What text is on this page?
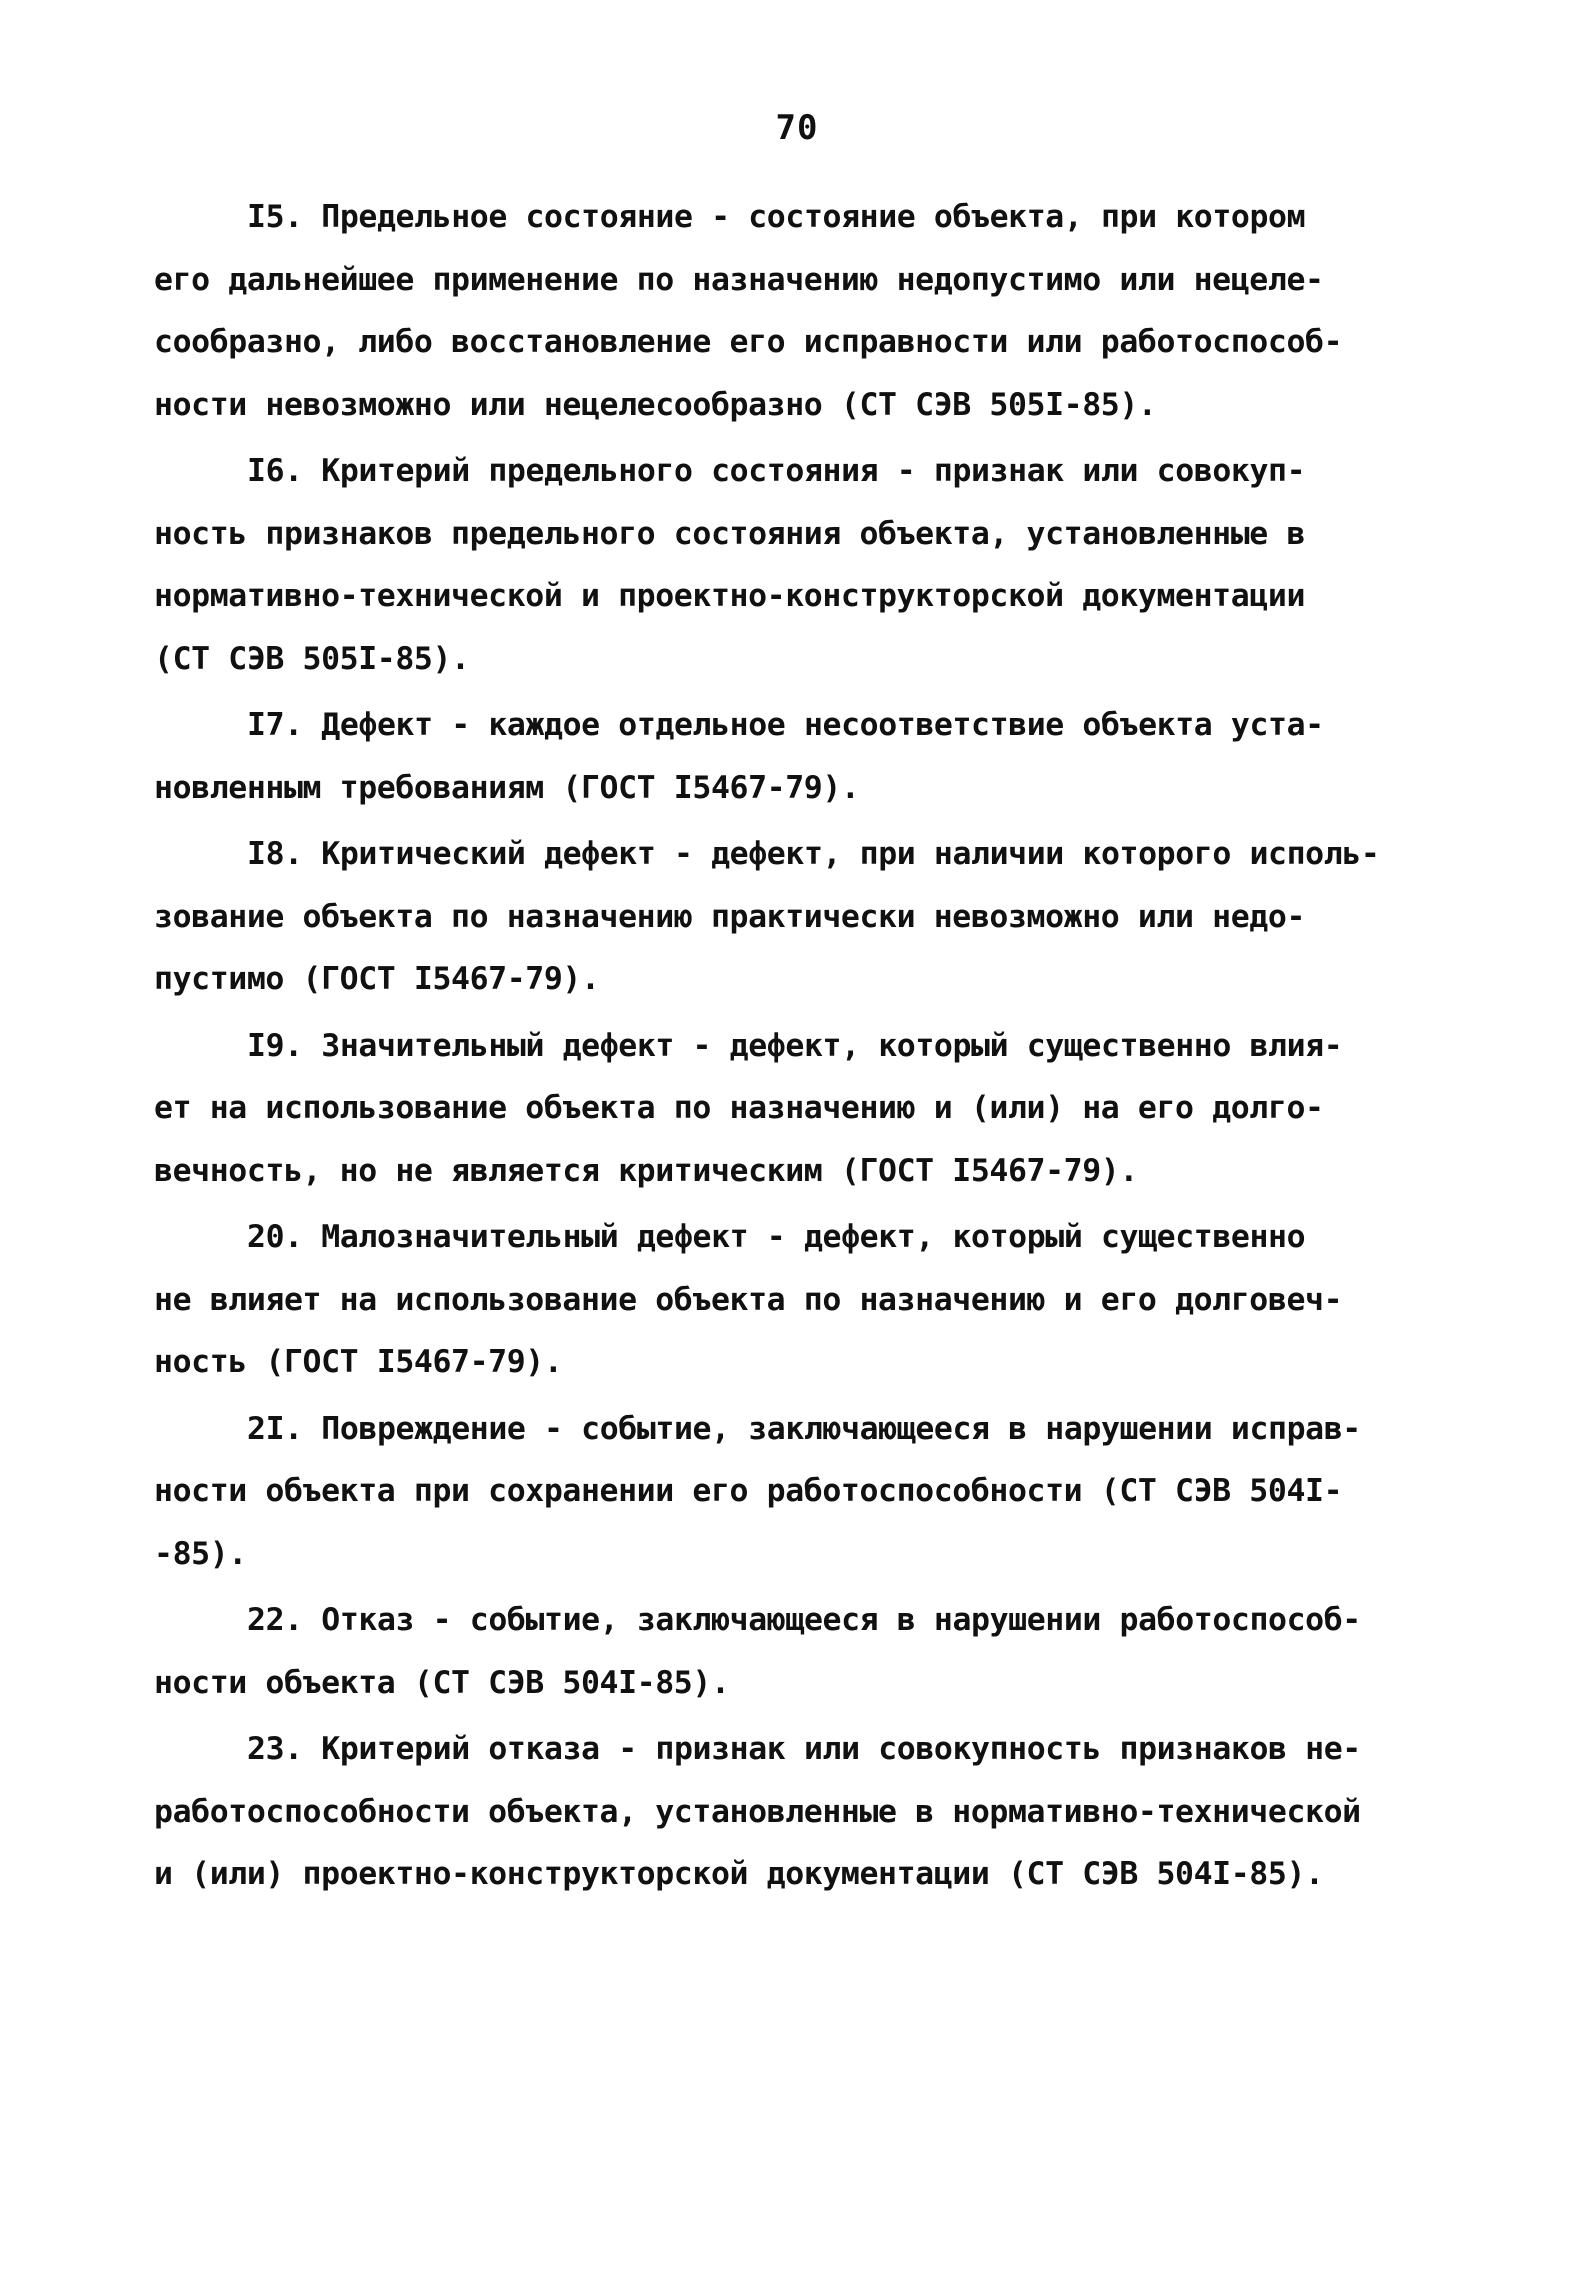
70
I5. Предельное состояние - состояние объекта, при котором
его дальнейшее применение по назначению недопустимо или нецеле-
сообразно, либо восстановление его исправности или работоспособ-
ности невозможно или нецелесообразно (СТ СЭВ 505I-85).
I6. Критерий предельного состояния - признак или совокуп-
ность признаков предельного состояния объекта, установленные в
нормативно-технической и проектно-конструкторской документации
(СТ СЭВ 505I-85).
I7. Дефект - каждое отдельное несоответствие объекта уста-
новленным требованиям (ГОСТ I5467-79).
I8. Критический дефект - дефект, при наличии которого исполь-
зование объекта по назначению практически невозможно или недо-
пустимо (ГОСТ I5467-79).
I9. Значительный дефект - дефект, который существенно влия-
ет на использование объекта по назначению и (или) на его долго-
вечность, но не является критическим (ГОСТ I5467-79).
20. Малозначительный дефект - дефект, который существенно
не влияет на использование объекта по назначению и его долговеч-
ность (ГОСТ I5467-79).
2I. Повреждение - событие, заключающееся в нарушении исправ-
ности объекта при сохранении его работоспособности (СТ СЭВ 504I-
-85).
22. Отказ - событие, заключающееся в нарушении работоспособ-
ности объекта (СТ СЭВ 504I-85).
23. Критерий отказа - признак или совокупность признаков не-
работоспособности объекта, установленные в нормативно-технической
и (или) проектно-конструкторской документации (СТ СЭВ 504I-85).
